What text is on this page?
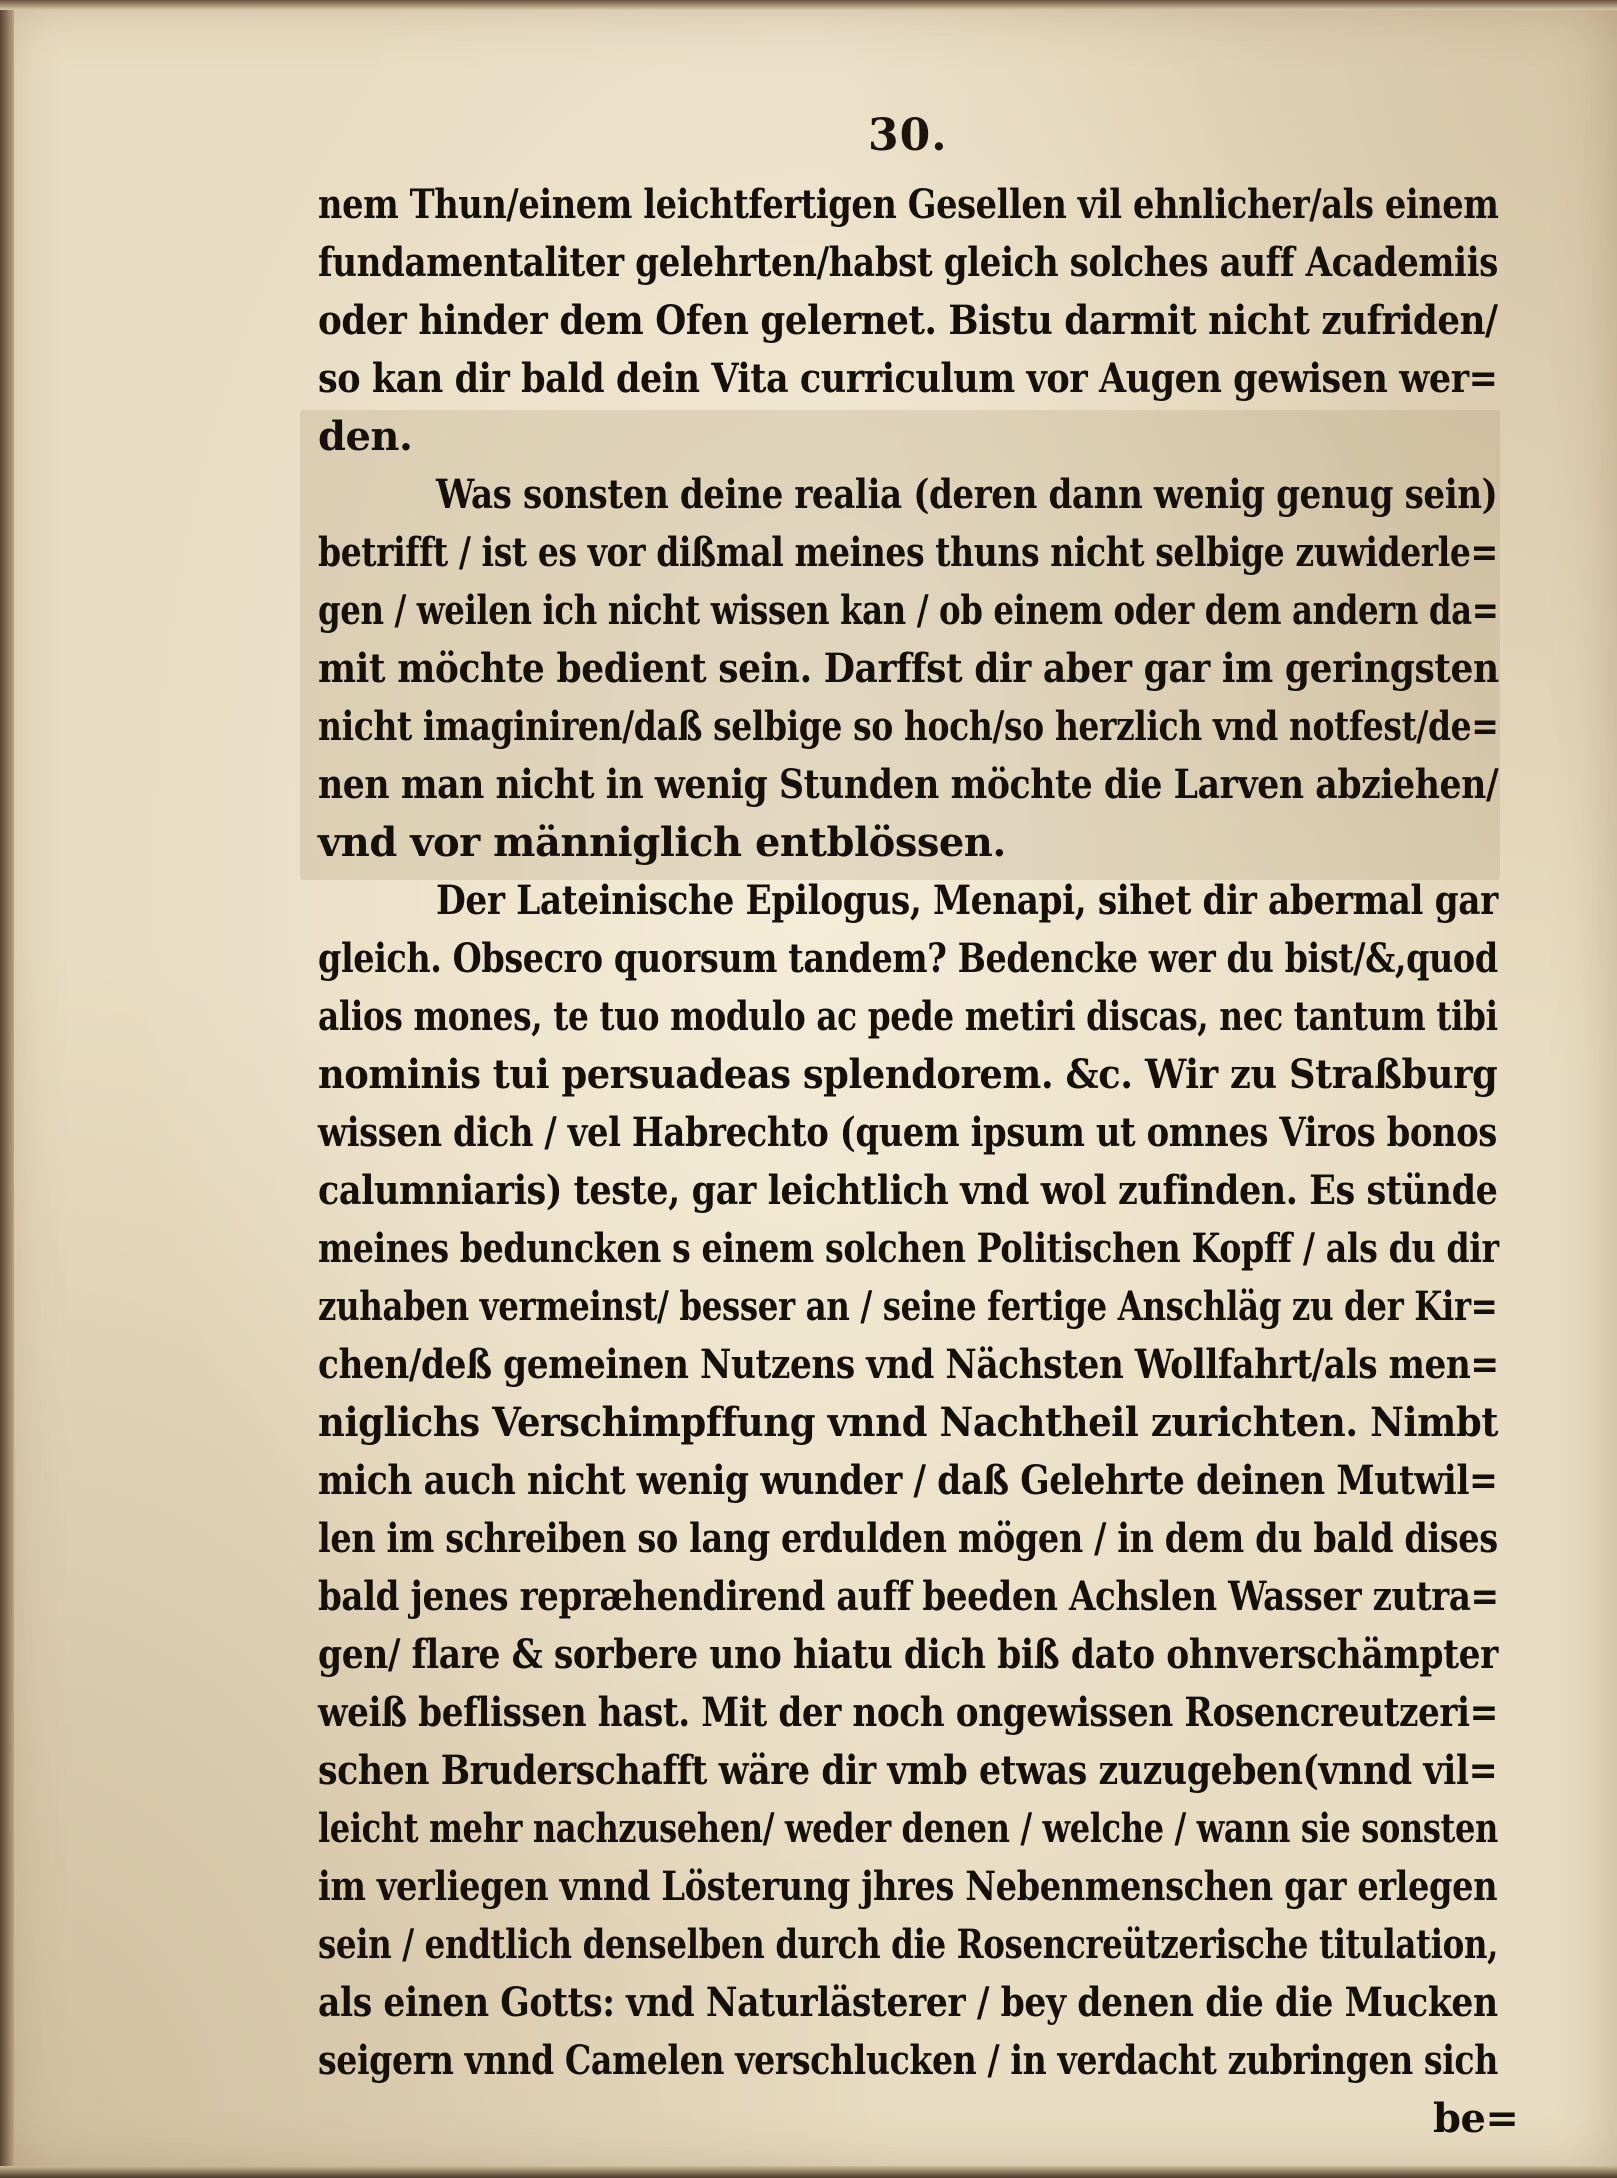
30.
nem Thun/einem leichtfertigen Gesellen vil ehnlicher/als einem
fundamentaliter gelehrten/habst gleich solches auff Academiis
oder hinder dem Ofen gelernet. Bistu darmit nicht zufriden/
so kan dir bald dein Vita curriculum vor Augen gewisen wer=
den.
Was sonsten deine realia (deren dann wenig genug sein)
betrifft / ist es vor dißmal meines thuns nicht selbige zuwiderle=
gen / weilen ich nicht wissen kan / ob einem oder dem andern da=
mit möchte bedient sein. Darffst dir aber gar im geringsten
nicht imaginiren/daß selbige so hoch/so herzlich vnd notfest/de=
nen man nicht in wenig Stunden möchte die Larven abziehen/
vnd vor männiglich entblössen.
Der Lateinische Epilogus, Menapi, sihet dir abermal gar
gleich. Obsecro quorsum tandem? Bedencke wer du bist/&,quod
alios mones, te tuo modulo ac pede metiri discas, nec tantum tibi
nominis tui persuadeas splendorem. &c. Wir zu Straßburg
wissen dich / vel Habrechto (quem ipsum ut omnes Viros bonos
calumniaris) teste, gar leichtlich vnd wol zufinden. Es stünde
meines beduncken s einem solchen Politischen Kopff / als du dir
zuhaben vermeinst/ besser an / seine fertige Anschläg zu der Kir=
chen/deß gemeinen Nutzens vnd Nächsten Wollfahrt/als men=
niglichs Verschimpffung vnnd Nachtheil zurichten. Nimbt
mich auch nicht wenig wunder / daß Gelehrte deinen Mutwil=
len im schreiben so lang erdulden mögen / in dem du bald dises
bald jenes repræhendirend auff beeden Achslen Wasser zutra=
gen/ flare & sorbere uno hiatu dich biß dato ohnverschämpter
weiß beflissen hast. Mit der noch ongewissen Rosencreutzeri=
schen Bruderschafft wäre dir vmb etwas zuzugeben(vnnd vil=
leicht mehr nachzusehen/ weder denen / welche / wann sie sonsten
im verliegen vnnd Lösterung jhres Nebenmenschen gar erlegen
sein / endtlich denselben durch die Rosencreützerische titulation,
als einen Gotts: vnd Naturlästerer / bey denen die die Mucken
seigern vnnd Camelen verschlucken / in verdacht zubringen sich
be=
